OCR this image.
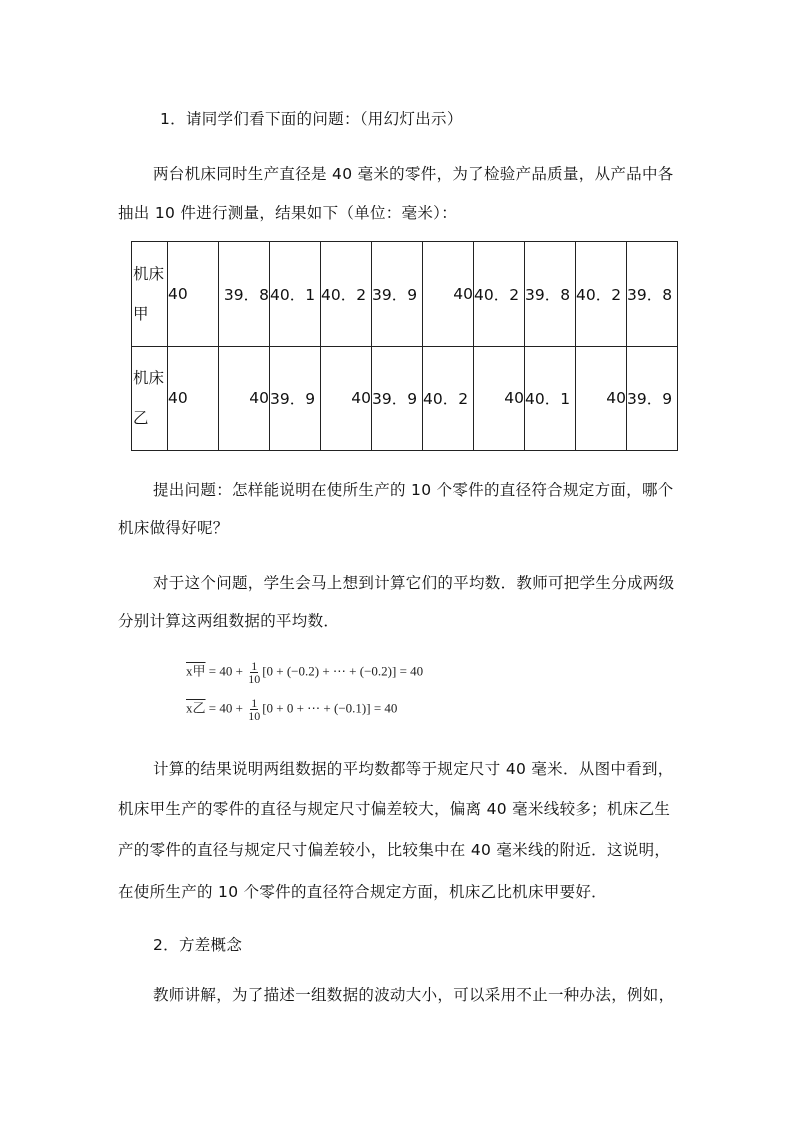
1．请同学们看下面的问题：（用幻灯出示）
两台机床同时生产直径是 40 毫米的零件，为了检验产品质量，从产品中各
抽出 10 件进行测量，结果如下（单位：毫米）：
机床甲	40	39．8	40．1	40．2	39．9	40	40．2	39．8	40．2	39．8
机床乙	40	40	39．9	40	39．9	40．2	40	40．1	40	39．9
提出问题：怎样能说明在使所生产的 10 个零件的直径符合规定方面，哪个
机床做得好呢？
对于这个问题，学生会马上想到计算它们的平均数．教师可把学生分成两级
分别计算这两组数据的平均数．
x甲 = $40 + \frac{1}{10} [0 + (-0.2)$ + ⋯ + (−0.2)] = 40
x乙 = $40 + \frac{1}{10} [0 + 0$ + ⋯ + (−0.1)] = 40
计算的结果说明两组数据的平均数都等于规定尺寸 40 毫米．从图中看到，
机床甲生产的零件的直径与规定尺寸偏差较大，偏离 40 毫米线较多；机床乙生
产的零件的直径与规定尺寸偏差较小，比较集中在 40 毫米线的附近．这说明，
在使所生产的 10 个零件的直径符合规定方面，机床乙比机床甲要好．
2．方差概念
教师讲解，为了描述一组数据的波动大小，可以采用不止一种办法，例如，
